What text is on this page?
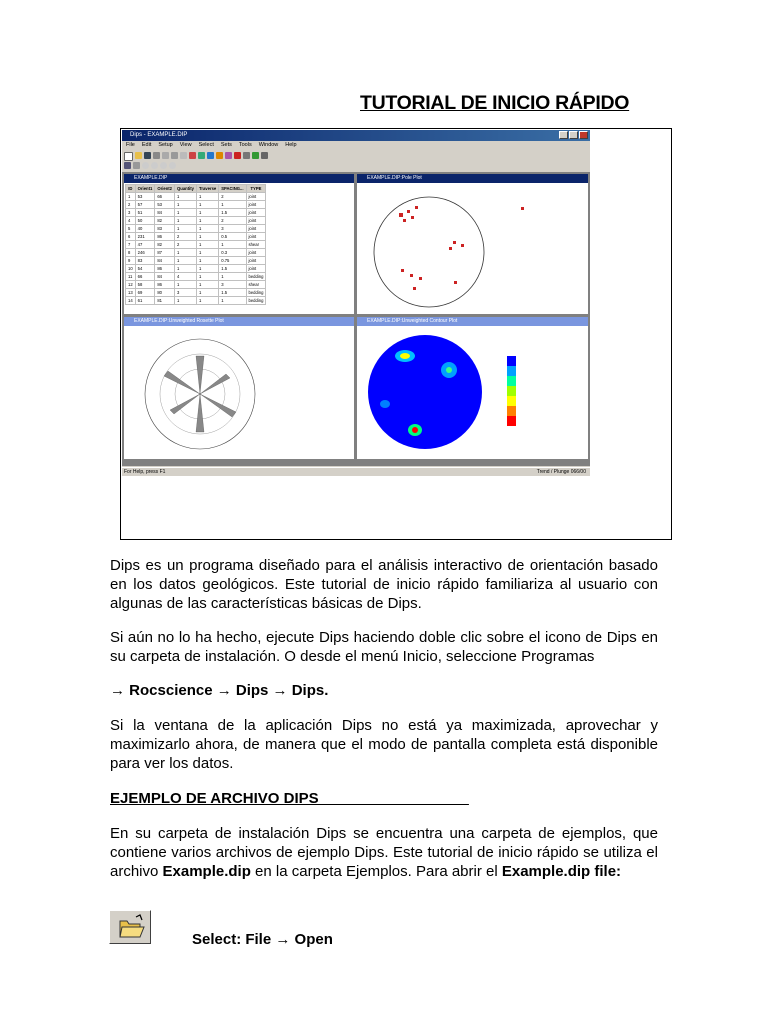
TUTORIAL DE INICIO RÁPIDO
Dips - EXAMPLE.DIP
File Edit Setup View Select Sets Tools Window Help
EXAMPLE.DIP
ID	Orient1	Orient2	Quantity	Traverse	SPACING...	TYPE
1	53	66	1	1	2	joint
2	57	53	1	1	1	joint
3	51	84	1	1	1.5	joint
4	50	82	1	1	2	joint
5	40	83	1	1	3	joint
6	231	86	2	1	0.5	joint
7	47	82	2	1	1	shear
8	246	87	1	1	0.3	joint
9	83	84	1	1	0.75	joint
10	54	86	1	1	1.5	joint
11	66	84	4	1	1	bedding
12	58	86	1	1	3	shear
13	69	80	3	1	1.5	bedding
14	61	81	1	1	1	bedding
EXAMPLE.DIP:Pole Plot
EXAMPLE.DIP:Unweighted Rosette Plot	EXAMPLE.DIP:Unweighted Contour Plot
For Help, press F1	Trend / Plunge 066/00
Dips es un programa diseñado para el análisis interactivo de orientación basado en los datos geológicos. Este tutorial de inicio rápido familiariza al usuario con algunas de las características básicas de Dips.
Si aún no lo ha hecho, ejecute Dips haciendo doble clic sobre el icono de Dips en su carpeta de instalación. O desde el menú Inicio, seleccione Programas
→ Rocscience → Dips → Dips.
Si la ventana de la aplicación Dips no está ya maximizada, aprovechar y maximizarlo ahora, de manera que el modo de pantalla completa está disponible para ver los datos.
EJEMPLO DE ARCHIVO DIPS__________________
En su carpeta de instalación Dips se encuentra una carpeta de ejemplos, que contiene varios archivos de ejemplo Dips. Este tutorial de inicio rápido se utiliza el archivo Example.dip en la carpeta Ejemplos. Para abrir el Example.dip file:
Select: File → Open
